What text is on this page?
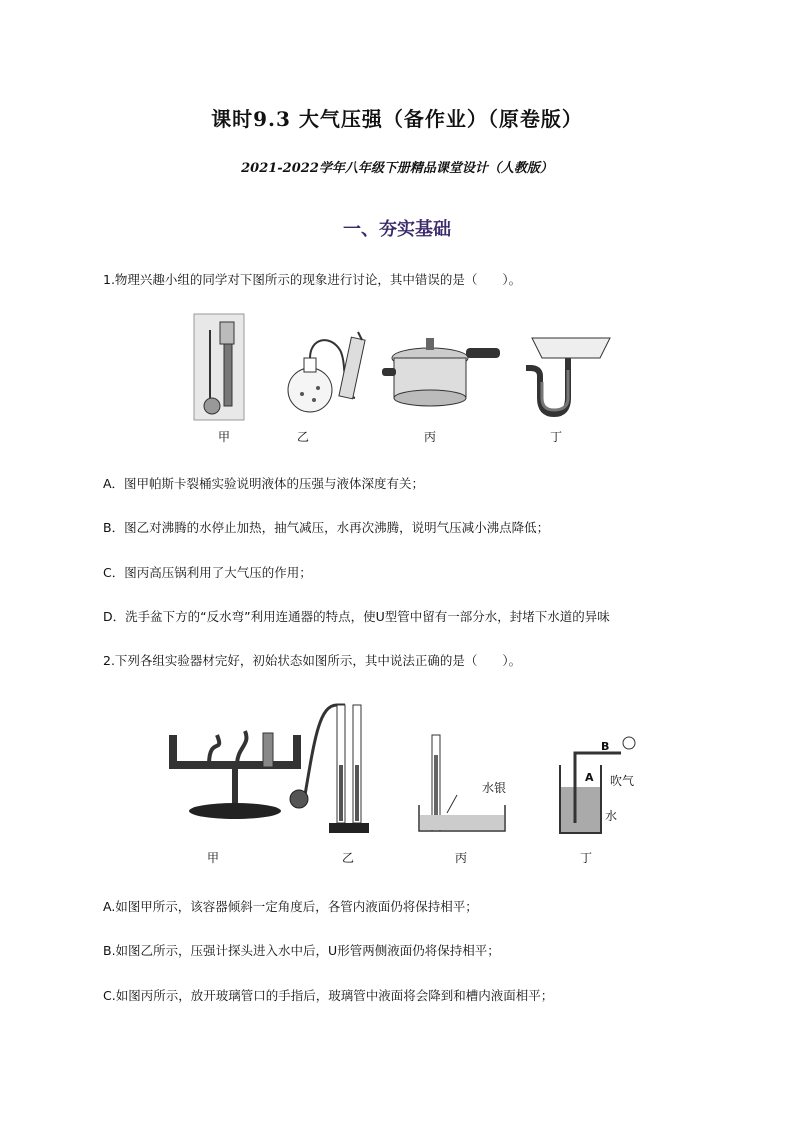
课时9.3 大气压强（备作业）（原卷版）
2021-2022学年八年级下册精品课堂设计（人教版）
一、夯实基础
1.物理兴趣小组的同学对下图所示的现象进行讨论，其中错误的是（　　）。
甲	乙	丙	丁
A．图甲帕斯卡裂桶实验说明液体的压强与液体深度有关；
B．图乙对沸腾的水停止加热，抽气减压，水再次沸腾，说明气压减小沸点降低；
C．图丙高压锅利用了大气压的作用；
D．洗手盆下方的“反水弯”利用连通器的特点，使U型管中留有一部分水，封堵下水道的异味
2.下列各组实验器材完好，初始状态如图所示，其中说法正确的是（　　）。
水银
水
吹气
A
B
甲	乙	丙	丁
A.如图甲所示，该容器倾斜一定角度后，各管内液面仍将保持相平；
B.如图乙所示，压强计探头进入水中后，U形管两侧液面仍将保持相平；
C.如图丙所示，放开玻璃管口的手指后，玻璃管中液面将会降到和槽内液面相平；
